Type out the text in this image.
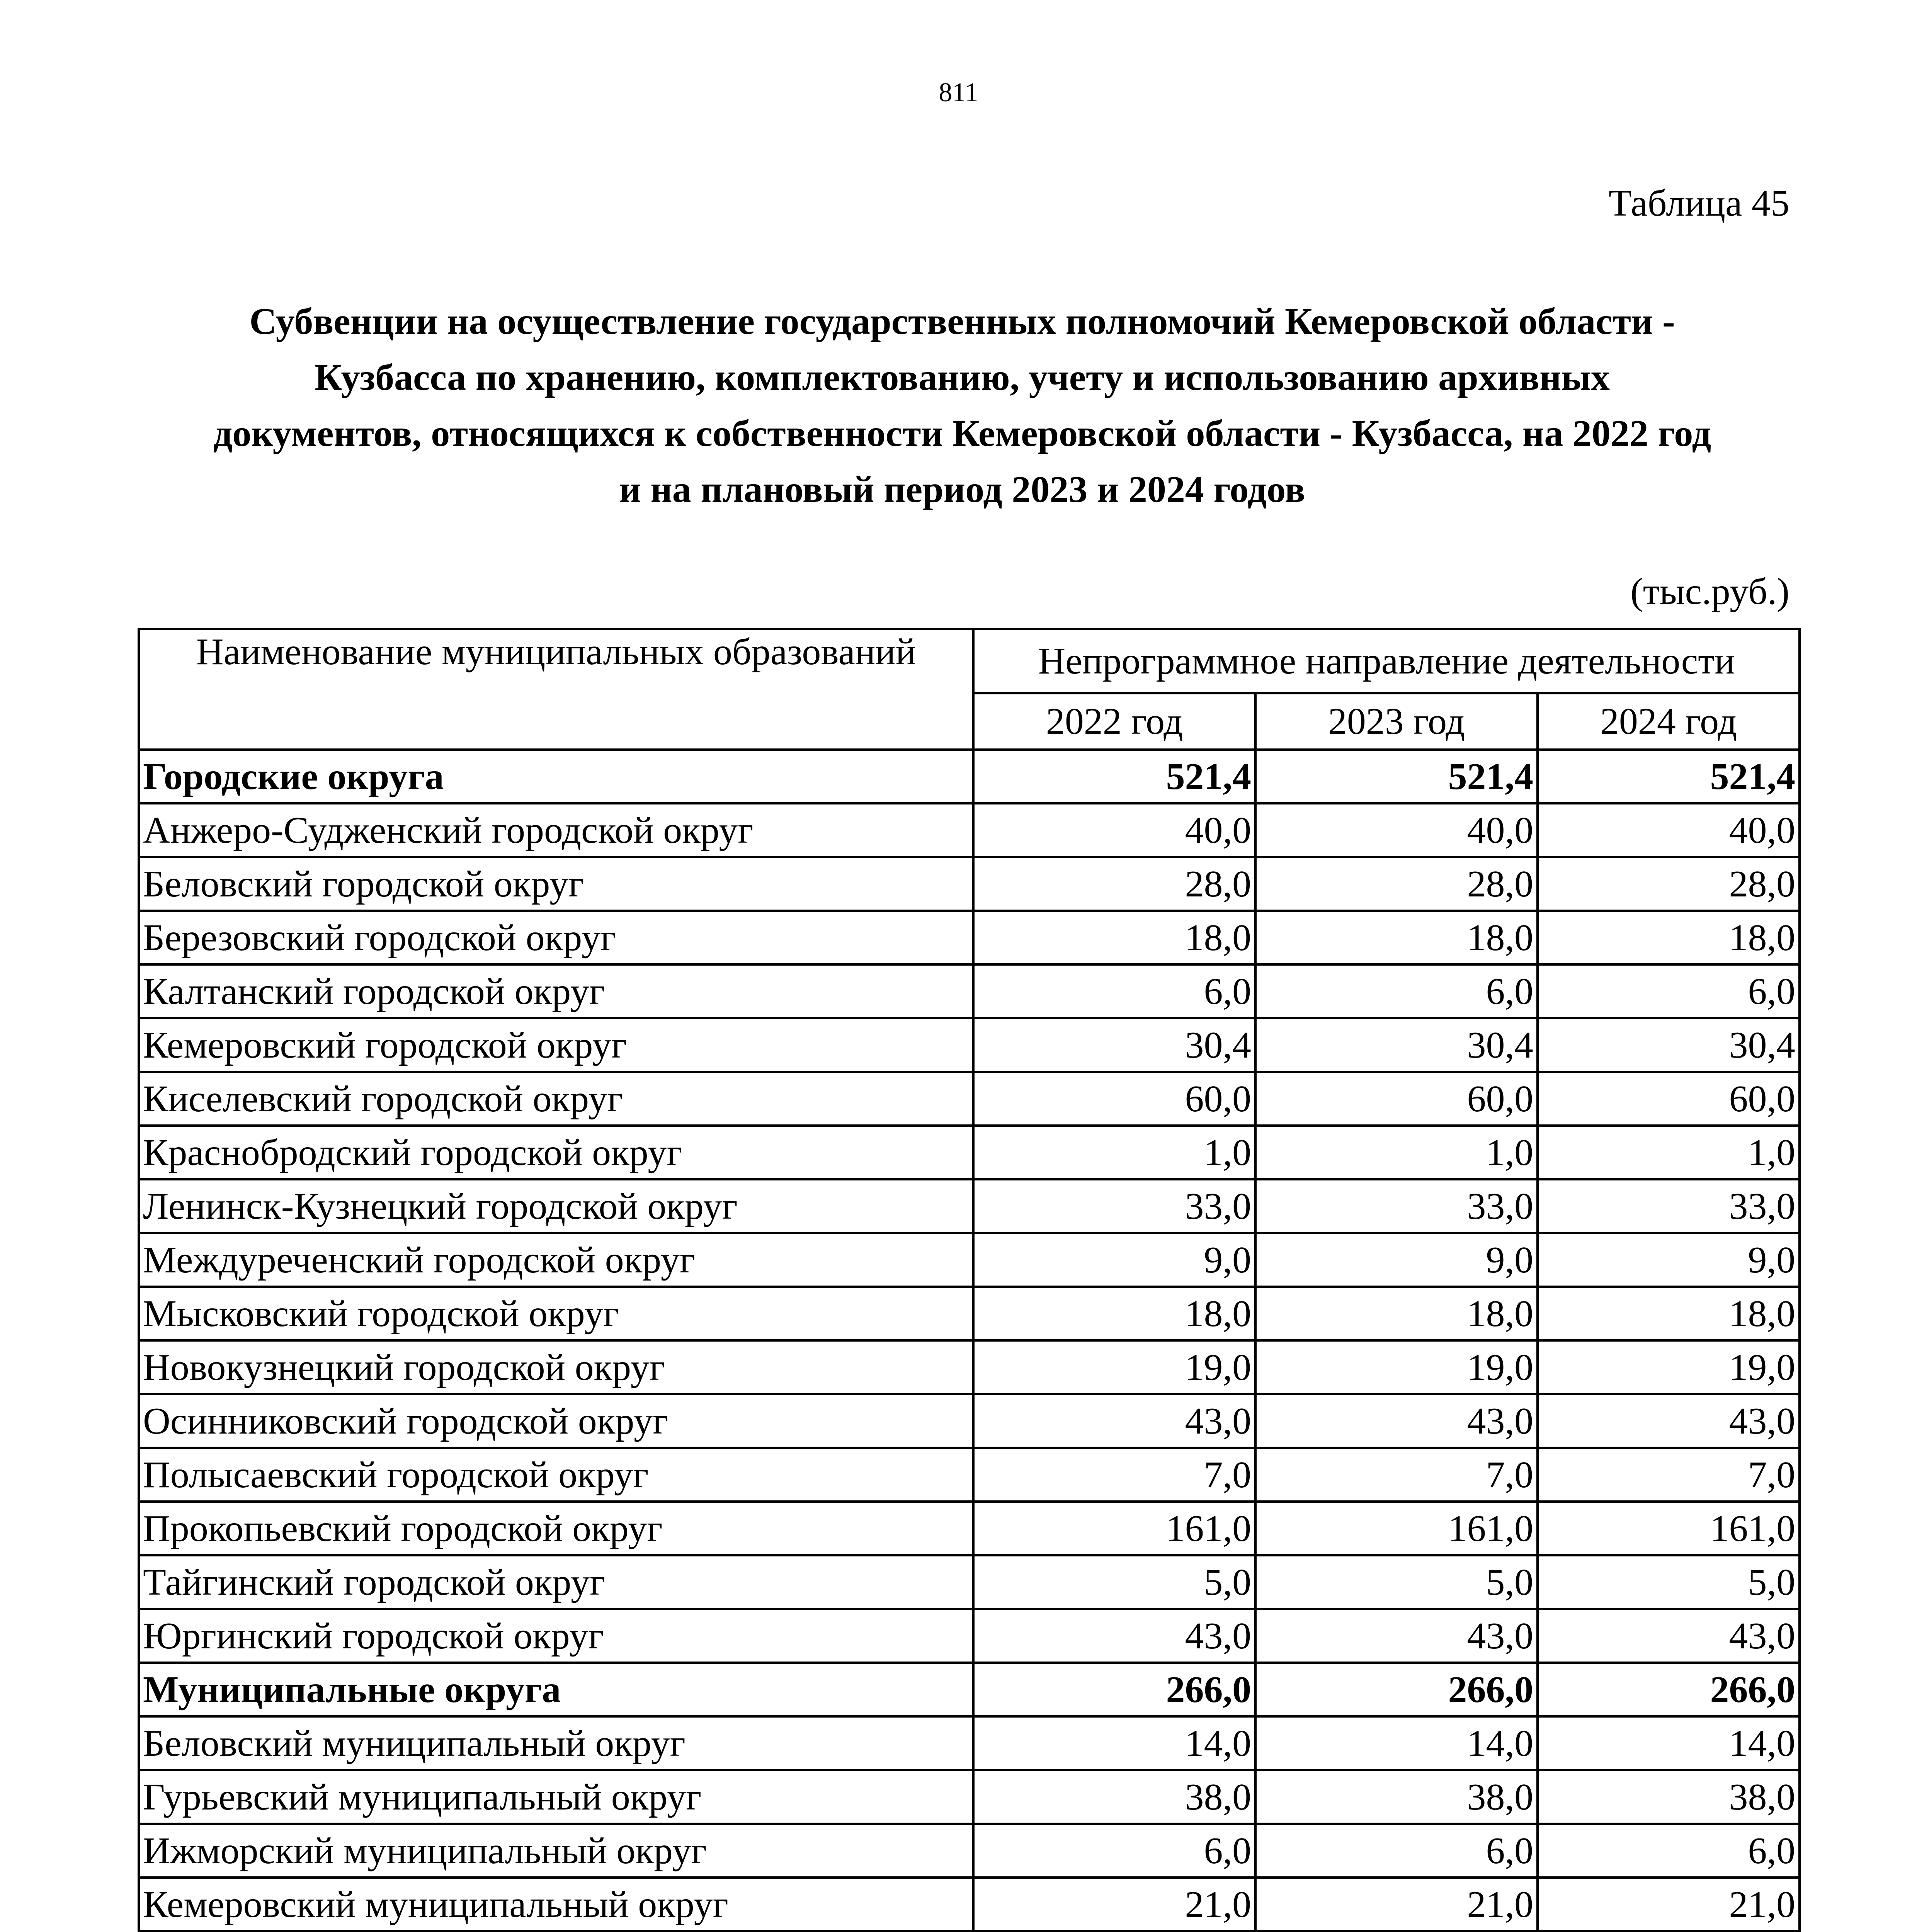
811
Таблица 45
Субвенции на осуществление государственных полномочий Кемеровской области -
Кузбасса по хранению, комплектованию, учету и использованию архивных
документов, относящихся к собственности Кемеровской области - Кузбасса, на 2022 год
и на плановый период 2023 и 2024 годов
(тыс.руб.)
Наименование муниципальных образований	Непрограммное направление деятельности		
	2022 год	2023 год	2024 год
Городские округа	521,4	521,4	521,4
Анжеро-Судженский городской округ	40,0	40,0	40,0
Беловский городской округ	28,0	28,0	28,0
Березовский городской округ	18,0	18,0	18,0
Калтанский городской округ	6,0	6,0	6,0
Кемеровский городской округ	30,4	30,4	30,4
Киселевский городской округ	60,0	60,0	60,0
Краснобродский городской округ	1,0	1,0	1,0
Ленинск-Кузнецкий городской округ	33,0	33,0	33,0
Междуреченский городской округ	9,0	9,0	9,0
Мысковский городской округ	18,0	18,0	18,0
Новокузнецкий городской округ	19,0	19,0	19,0
Осинниковский городской округ	43,0	43,0	43,0
Полысаевский городской округ	7,0	7,0	7,0
Прокопьевский городской округ	161,0	161,0	161,0
Тайгинский городской округ	5,0	5,0	5,0
Юргинский городской округ	43,0	43,0	43,0
Муниципальные округа	266,0	266,0	266,0
Беловский муниципальный округ	14,0	14,0	14,0
Гурьевский муниципальный округ	38,0	38,0	38,0
Ижморский муниципальный округ	6,0	6,0	6,0
Кемеровский муниципальный округ	21,0	21,0	21,0
